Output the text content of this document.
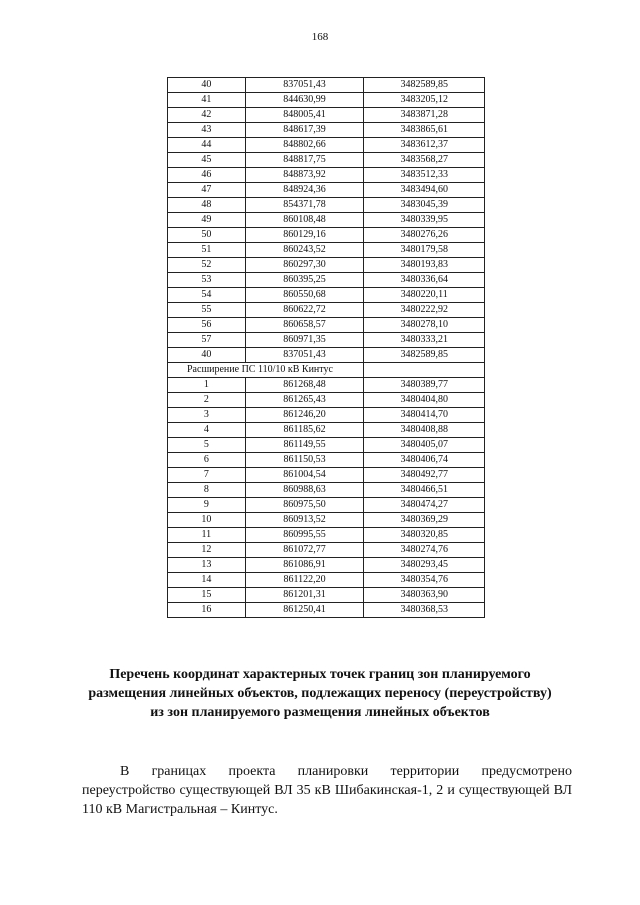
168
40	837051,43	3482589,85
41	844630,99	3483205,12
42	848005,41	3483871,28
43	848617,39	3483865,61
44	848802,66	3483612,37
45	848817,75	3483568,27
46	848873,92	3483512,33
47	848924,36	3483494,60
48	854371,78	3483045,39
49	860108,48	3480339,95
50	860129,16	3480276,26
51	860243,52	3480179,58
52	860297,30	3480193,83
53	860395,25	3480336,64
54	860550,68	3480220,11
55	860622,72	3480222,92
56	860658,57	3480278,10
57	860971,35	3480333,21
40	837051,43	3482589,85
Расширение ПС 110/10 кВ Кинтус		
1	861268,48	3480389,77
2	861265,43	3480404,80
3	861246,20	3480414,70
4	861185,62	3480408,88
5	861149,55	3480405,07
6	861150,53	3480406,74
7	861004,54	3480492,77
8	860988,63	3480466,51
9	860975,50	3480474,27
10	860913,52	3480369,29
11	860995,55	3480320,85
12	861072,77	3480274,76
13	861086,91	3480293,45
14	861122,20	3480354,76
15	861201,31	3480363,90
16	861250,41	3480368,53
Перечень координат характерных точек границ зон планируемого размещения линейных объектов, подлежащих переносу (переустройству) из зон планируемого размещения линейных объектов
В границах проекта планировки территории предусмотрено переустройство существующей ВЛ 35 кВ Шибакинская-1, 2 и существующей ВЛ 110 кВ Магистральная – Кинтус.
